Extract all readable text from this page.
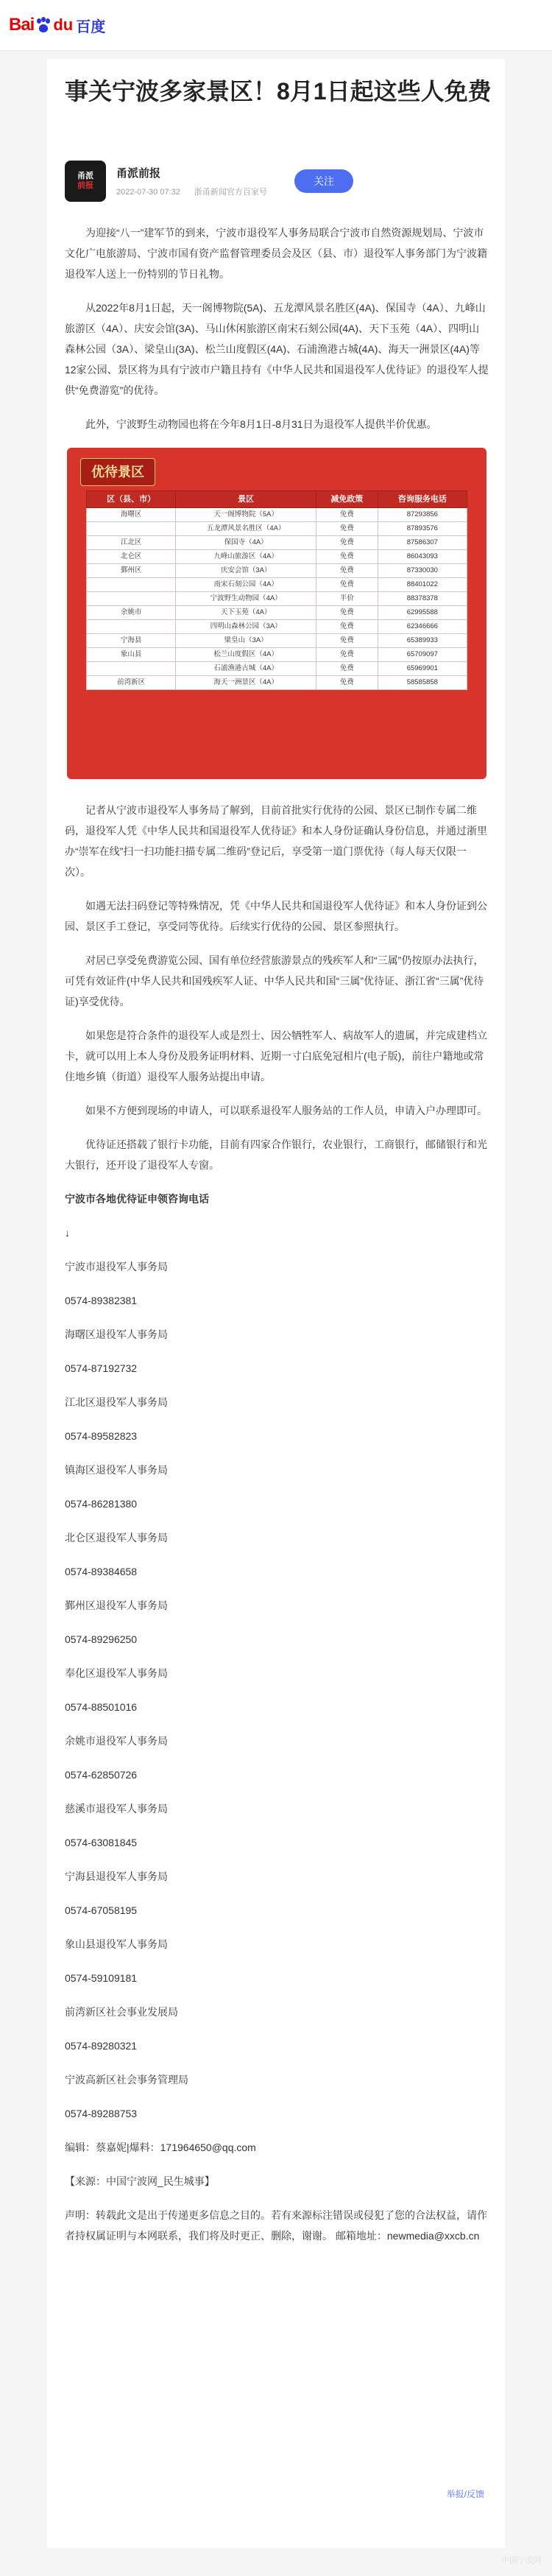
Bai du 百度
事关宁波多家景区！8月1日起这些人免费
甬派
前报
甬派前报
2022-07-30 07:32 浙甬新闻官方百家号
关注

为迎接“八一”建军节的到来，宁波市退役军人事务局联合宁波市自然资源规划局、宁波市文化广电旅游局、宁波市国有资产监督管理委员会及区（县、市）退役军人事务部门为宁波籍退役军人送上一份特别的节日礼物。

从2022年8月1日起，天一阁博物院(5A)、五龙潭风景名胜区(4A)、保国寺（4A）、九峰山旅游区（4A）、庆安会馆(3A)、马山休闲旅游区南宋石刻公园(4A)、天下玉苑（4A）、四明山森林公园（3A）、梁皇山(3A)、松兰山度假区(4A)、石浦渔港古城(4A)、海天一洲景区(4A)等12家公园、景区将为具有宁波市户籍且持有《中华人民共和国退役军人优待证》的退役军人提供“免费游览”的优待。

此外，宁波野生动物园也将在今年8月1日-8月31日为退役军人提供半价优惠。

优待景区
区（县、市）	景区	减免政策	咨询服务电话
海曙区	天一阁博物院（5A）	免费	87293856
	五龙潭风景名胜区（4A）	免费	87893576
江北区	保国寺（4A）	免费	87586307
北仑区	九峰山旅游区（4A）	免费	86043093
鄞州区	庆安会馆（3A）	免费	87330030
	南宋石刻公园（4A）	免费	88401022
	宁波野生动物园（4A）	半价	88378378
余姚市	天下玉苑（4A）	免费	62995588
	四明山森林公园（3A）	免费	62346666
宁海县	梁皇山（3A）	免费	65389933
象山县	松兰山度假区（4A）	免费	65709097
	石浦渔港古城（4A）	免费	65969901
前湾新区	海天一洲景区（4A）	免费	58585858

记者从宁波市退役军人事务局了解到，目前首批实行优待的公园、景区已制作专属二维码，退役军人凭《中华人民共和国退役军人优待证》和本人身份证确认身份信息，并通过浙里办“崇军在线”扫一扫功能扫描专属二维码”登记后，享受第一道门票优待（每人每天仅限一次）。

如遇无法扫码登记等特殊情况，凭《中华人民共和国退役军人优待证》和本人身份证到公园、景区手工登记，享受同等优待。后续实行优待的公园、景区参照执行。

对居已享受免费游览公园、国有单位经营旅游景点的残疾军人和“三属”仍按原办法执行，可凭有效证件(中华人民共和国残疾军人证、中华人民共和国“三属”优待证、浙江省“三属”优待证)享受优待。

如果您是符合条件的退役军人或是烈士、因公牺牲军人、病故军人的遗属，并完成建档立卡，就可以用上本人身份及股务证明材料、近期一寸白底免冠相片(电子版)，前往户籍地或常住地乡镇（街道）退役军人服务站提出申请。

如果不方便到现场的申请人，可以联系退役军人服务站的工作人员，申请入户办理即可。

优待证还搭载了银行卡功能，目前有四家合作银行，农业银行，工商银行，邮储银行和光大银行，还开设了退役军人专窗。

宁波市各地优待证申领咨询电话

↓

宁波市退役军人事务局

0574-89382381

海曙区退役军人事务局

0574-87192732

江北区退役军人事务局

0574-89582823

镇海区退役军人事务局

0574-86281380

北仑区退役军人事务局

0574-89384658

鄞州区退役军人事务局

0574-89296250

奉化区退役军人事务局

0574-88501016

余姚市退役军人事务局

0574-62850726

慈溪市退役军人事务局

0574-63081845

宁海县退役军人事务局

0574-67058195

象山县退役军人事务局

0574-59109181

前湾新区社会事业发展局

0574-89280321

宁波高新区社会事务管理局

0574-89288753

编辑：蔡嘉妮|爆料：171964650@qq.com

【来源：中国宁波网_民生城事】

声明：转载此文是出于传递更多信息之目的。若有来源标注错误或侵犯了您的合法权益，请作者持权属证明与本网联系，我们将及时更正、删除，谢谢。 邮箱地址：newmedia@xxcb.cn

举报/反馈
中国宁波网
